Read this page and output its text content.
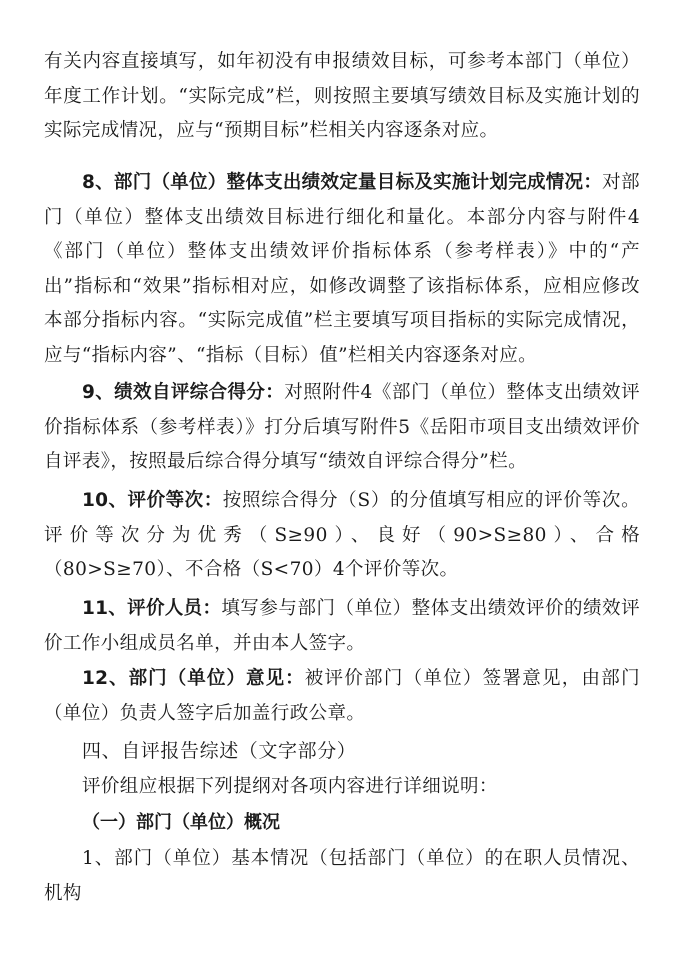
有关内容直接填写，如年初没有申报绩效目标，可参考本部门（单位）年度工作计划。“实际完成”栏，则按照主要填写绩效目标及实施计划的实际完成情况，应与“预期目标”栏相关内容逐条对应。

8、部门（单位）整体支出绩效定量目标及实施计划完成情况：对部门（单位）整体支出绩效目标进行细化和量化。本部分内容与附件4《部门（单位）整体支出绩效评价指标体系（参考样表）》中的“产出”指标和“效果”指标相对应，如修改调整了该指标体系，应相应修改本部分指标内容。“实际完成值”栏主要填写项目指标的实际完成情况，应与“指标内容”、“指标（目标）值”栏相关内容逐条对应。

9、绩效自评综合得分：对照附件4《部门（单位）整体支出绩效评价指标体系（参考样表）》打分后填写附件5《岳阳市项目支出绩效评价自评表》，按照最后综合得分填写“绩效自评综合得分”栏。

10、评价等次：按照综合得分（S）的分值填写相应的评价等次。评价等次分为优秀（S≥90）、良好（90>S≥80）、合格（80>S≥70）、不合格（S<70）4个评价等次。

11、评价人员：填写参与部门（单位）整体支出绩效评价的绩效评价工作小组成员名单，并由本人签字。

12、部门（单位）意见：被评价部门（单位）签署意见，由部门（单位）负责人签字后加盖行政公章。

四、自评报告综述（文字部分）

评价组应根据下列提纲对各项内容进行详细说明：

（一）部门（单位）概况

1、部门（单位）基本情况（包括部门（单位）的在职人员情况、机构
